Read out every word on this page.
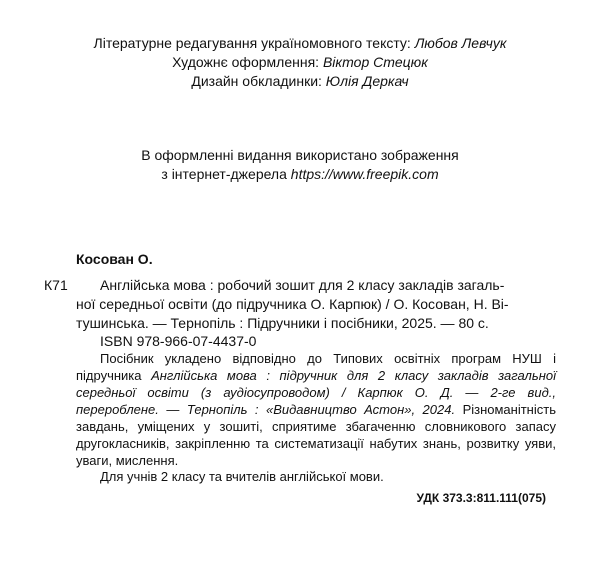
Літературне редагування україномовного тексту: Любов Левчук
Художнє оформлення: Віктор Стецюк
Дизайн обкладинки: Юлія Деркач
В оформленні видання використано зображення
з інтернет-джерела https://www.freepik.com
Косован О.
К71	Англійська мова : робочий зошит для 2 класу закладів загаль-
ної середньої освіти (до підручника О. Карпюк) / О. Косован, Н. Ві-
тушинська. — Тернопіль : Підручники і посібники, 2025. — 80 с.
ISBN 978-966-07-4437-0

Посібник укладено відповідно до Типових освітніх програм НУШ і підручника Англійська мова : підручник для 2 класу закладів загальної середньої освіти (з аудіосупроводом) / Карпюк О. Д. — 2-ге вид., перероблене. — Тернопіль : «Видавництво Астон», 2024. Різноманітність завдань, уміщених у зошиті, сприятиме збагаченню словникового запасу другокласників, закріпленню та систематизації набутих знань, розвитку уяви, уваги, мислення.

Для учнів 2 класу та вчителів англійської мови.
УДК 373.3:811.111(075)
